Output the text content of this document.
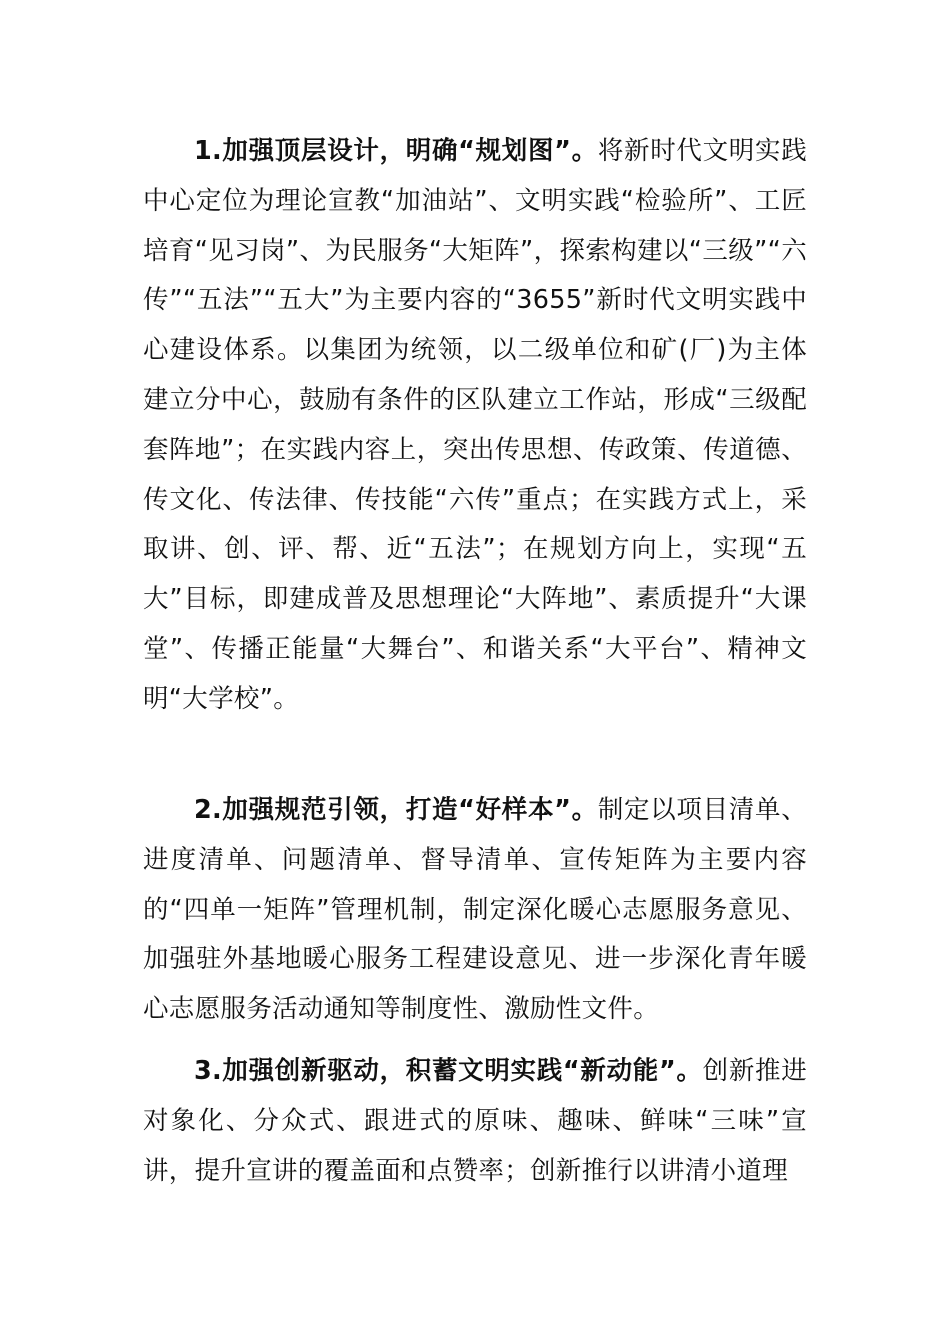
1.加强顶层设计，明确“规划图”。将新时代文明实践中心定位为理论宣教“加油站”、文明实践“检验所”、工匠培育“见习岗”、为民服务“大矩阵”，探索构建以“三级”“六传”“五法”“五大”为主要内容的“3655”新时代文明实践中心建设体系。以集团为统领，以二级单位和矿(厂)为主体建立分中心，鼓励有条件的区队建立工作站，形成“三级配套阵地”；在实践内容上，突出传思想、传政策、传道德、传文化、传法律、传技能“六传”重点；在实践方式上，采取讲、创、评、帮、近“五法”；在规划方向上，实现“五大”目标，即建成普及思想理论“大阵地”、素质提升“大课堂”、传播正能量“大舞台”、和谐关系“大平台”、精神文明“大学校”。

2.加强规范引领，打造“好样本”。制定以项目清单、进度清单、问题清单、督导清单、宣传矩阵为主要内容的“四单一矩阵”管理机制，制定深化暖心志愿服务意见、加强驻外基地暖心服务工程建设意见、进一步深化青年暖心志愿服务活动通知等制度性、激励性文件。

3.加强创新驱动，积蓄文明实践“新动能”。创新推进对象化、分众式、跟进式的原味、趣味、鲜味“三味”宣讲，提升宣讲的覆盖面和点赞率；创新推行以讲清小道理
